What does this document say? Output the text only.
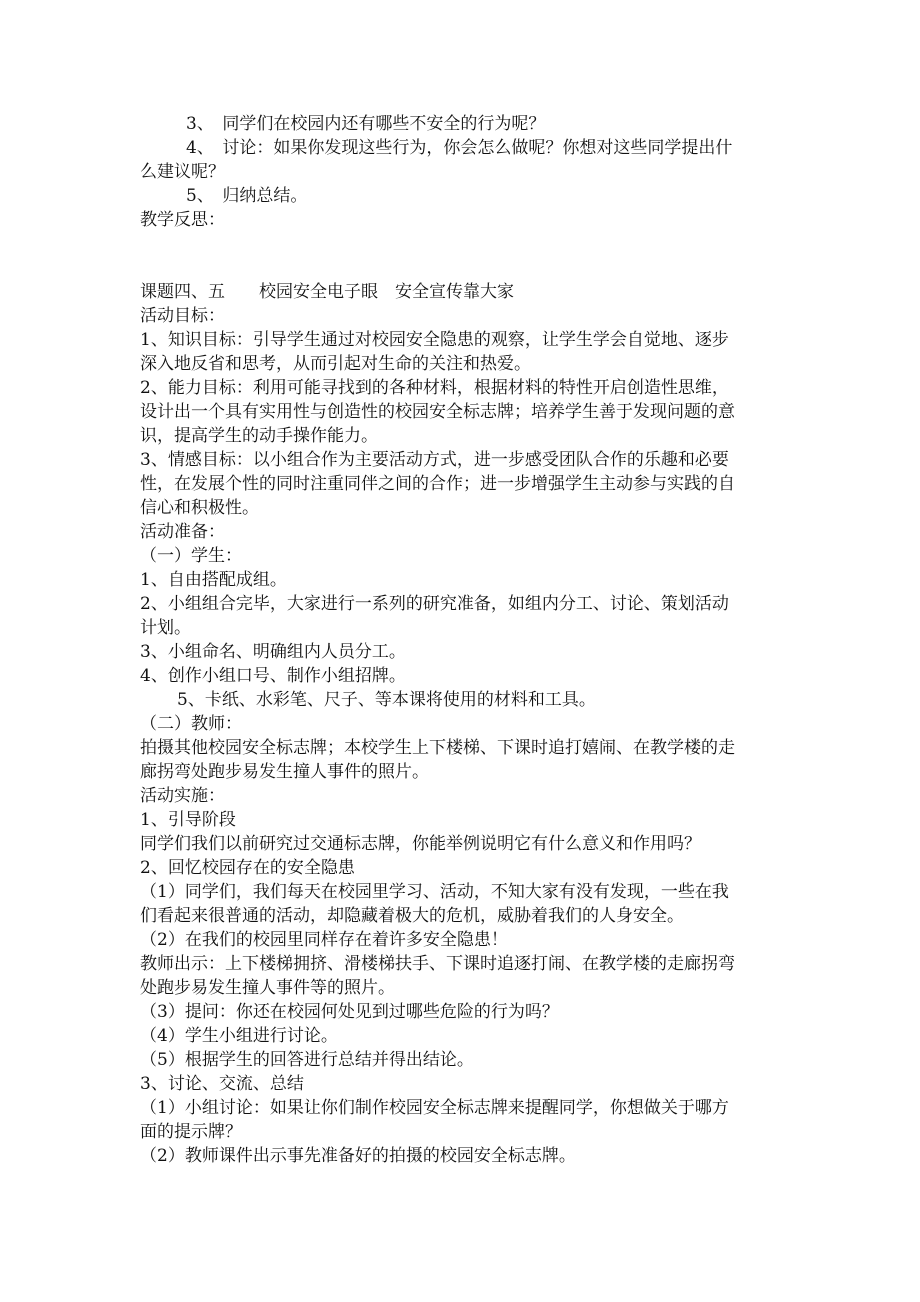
3、　同学们在校园内还有哪些不安全的行为呢？

4、　讨论：如果你发现这些行为，你会怎么做呢？你想对这些同学提出什

么建议呢？

5、　归纳总结。

教学反思：

课题四、五　　校园安全电子眼　安全宣传靠大家

活动目标：

1、知识目标：引导学生通过对校园安全隐患的观察，让学生学会自觉地、逐步

深入地反省和思考，从而引起对生命的关注和热爱。

2、能力目标：利用可能寻找到的各种材料，根据材料的特性开启创造性思维，

设计出一个具有实用性与创造性的校园安全标志牌；培养学生善于发现问题的意

识，提高学生的动手操作能力。

3、情感目标：以小组合作为主要活动方式，进一步感受团队合作的乐趣和必要

性，在发展个性的同时注重同伴之间的合作；进一步增强学生主动参与实践的自

信心和积极性。

活动准备：

（一）学生：

1、自由搭配成组。

2、小组组合完毕，大家进行一系列的研究准备，如组内分工、讨论、策划活动

计划。

3、小组命名、明确组内人员分工。

4、创作小组口号、制作小组招牌。

5、卡纸、水彩笔、尺子、等本课将使用的材料和工具。

（二）教师：

拍摄其他校园安全标志牌；本校学生上下楼梯、下课时追打嬉闹、在教学楼的走

廊拐弯处跑步易发生撞人事件的照片。

活动实施：

1、引导阶段

同学们我们以前研究过交通标志牌，你能举例说明它有什么意义和作用吗？

2、回忆校园存在的安全隐患

（1）同学们，我们每天在校园里学习、活动，不知大家有没有发现，一些在我

们看起来很普通的活动，却隐藏着极大的危机，威胁着我们的人身安全。

（2）在我们的校园里同样存在着许多安全隐患！

教师出示：上下楼梯拥挤、滑楼梯扶手、下课时追逐打闹、在教学楼的走廊拐弯

处跑步易发生撞人事件等的照片。

（3）提问：你还在校园何处见到过哪些危险的行为吗？

（4）学生小组进行讨论。

（5）根据学生的回答进行总结并得出结论。

3、讨论、交流、总结

（1）小组讨论：如果让你们制作校园安全标志牌来提醒同学，你想做关于哪方

面的提示牌？

（2）教师课件出示事先准备好的拍摄的校园安全标志牌。
